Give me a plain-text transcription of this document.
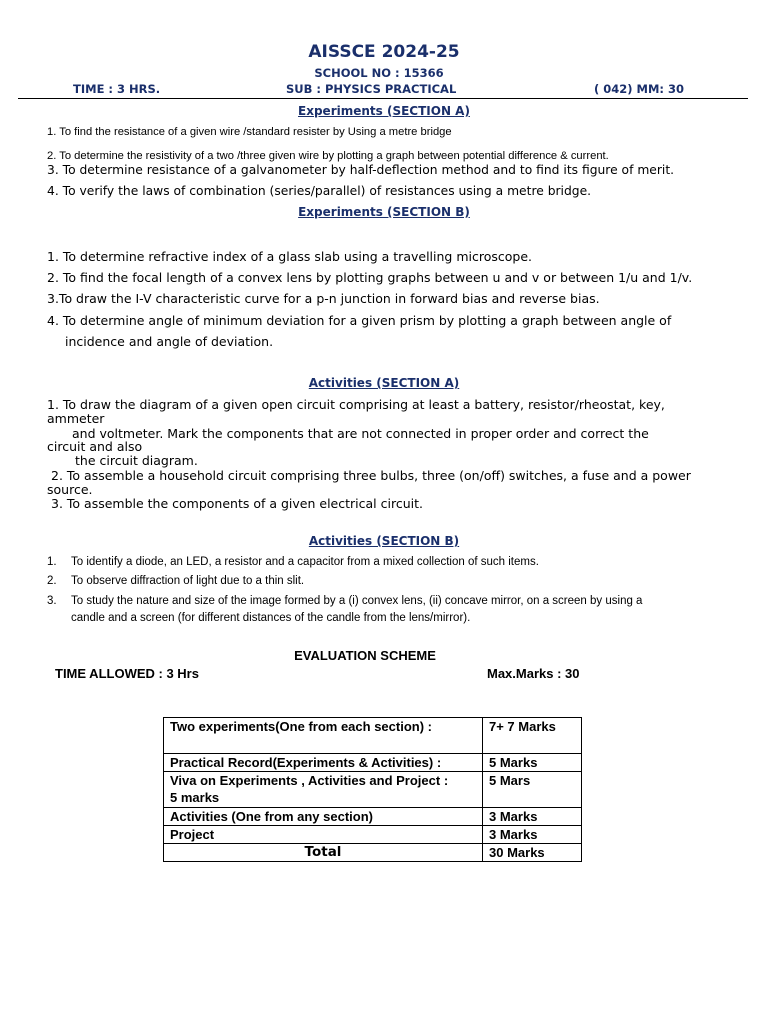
AISSCE 2024-25
SCHOOL NO : 15366
TIME : 3 HRS.	SUB : PHYSICS PRACTICAL	( 042) MM: 30
Experiments (SECTION A)
1. To find the resistance of a given wire /standard resister by Using a metre bridge
2. To determine the resistivity of a two /three given wire by plotting a graph between potential difference & current.
3. To determine resistance of a galvanometer by half-deflection method and to find its figure of merit.
4. To verify the laws of combination (series/parallel) of resistances using a metre bridge.
Experiments (SECTION B)
1. To determine refractive index of a glass slab using a travelling microscope.
2. To find the focal length of a convex lens by plotting graphs between u and v or between 1/u and 1/v.
3.To draw the I-V characteristic curve for a p-n junction in forward bias and reverse bias.
4. To determine angle of minimum deviation for a given prism by plotting a graph between angle of
incidence and angle of deviation.
Activities (SECTION A)
1. To draw the diagram of a given open circuit comprising at least a battery, resistor/rheostat, key,
ammeter
and voltmeter. Mark the components that are not connected in proper order and correct the
circuit and also
the circuit diagram.
2. To assemble a household circuit comprising three bulbs, three (on/off) switches, a fuse and a power
source.
3. To assemble the components of a given electrical circuit.
Activities (SECTION B)
1. To identify a diode, an LED, a resistor and a capacitor from a mixed collection of such items.
2. To observe diffraction of light due to a thin slit.
3. To study the nature and size of the image formed by a (i) convex lens, (ii) concave mirror, on a screen by using a
candle and a screen (for different distances of the candle from the lens/mirror).
EVALUATION SCHEME
TIME ALLOWED : 3 Hrs	Max.Marks : 30
Two experiments(One from each section) :	7+ 7 Marks
Practical Record(Experiments & Activities) :	5 Marks

Viva on Experiments , Activities and Project :
5 marks	5 Mars
Activities (One from any section)	3 Marks
Project	3 Marks
Total	30 Marks
